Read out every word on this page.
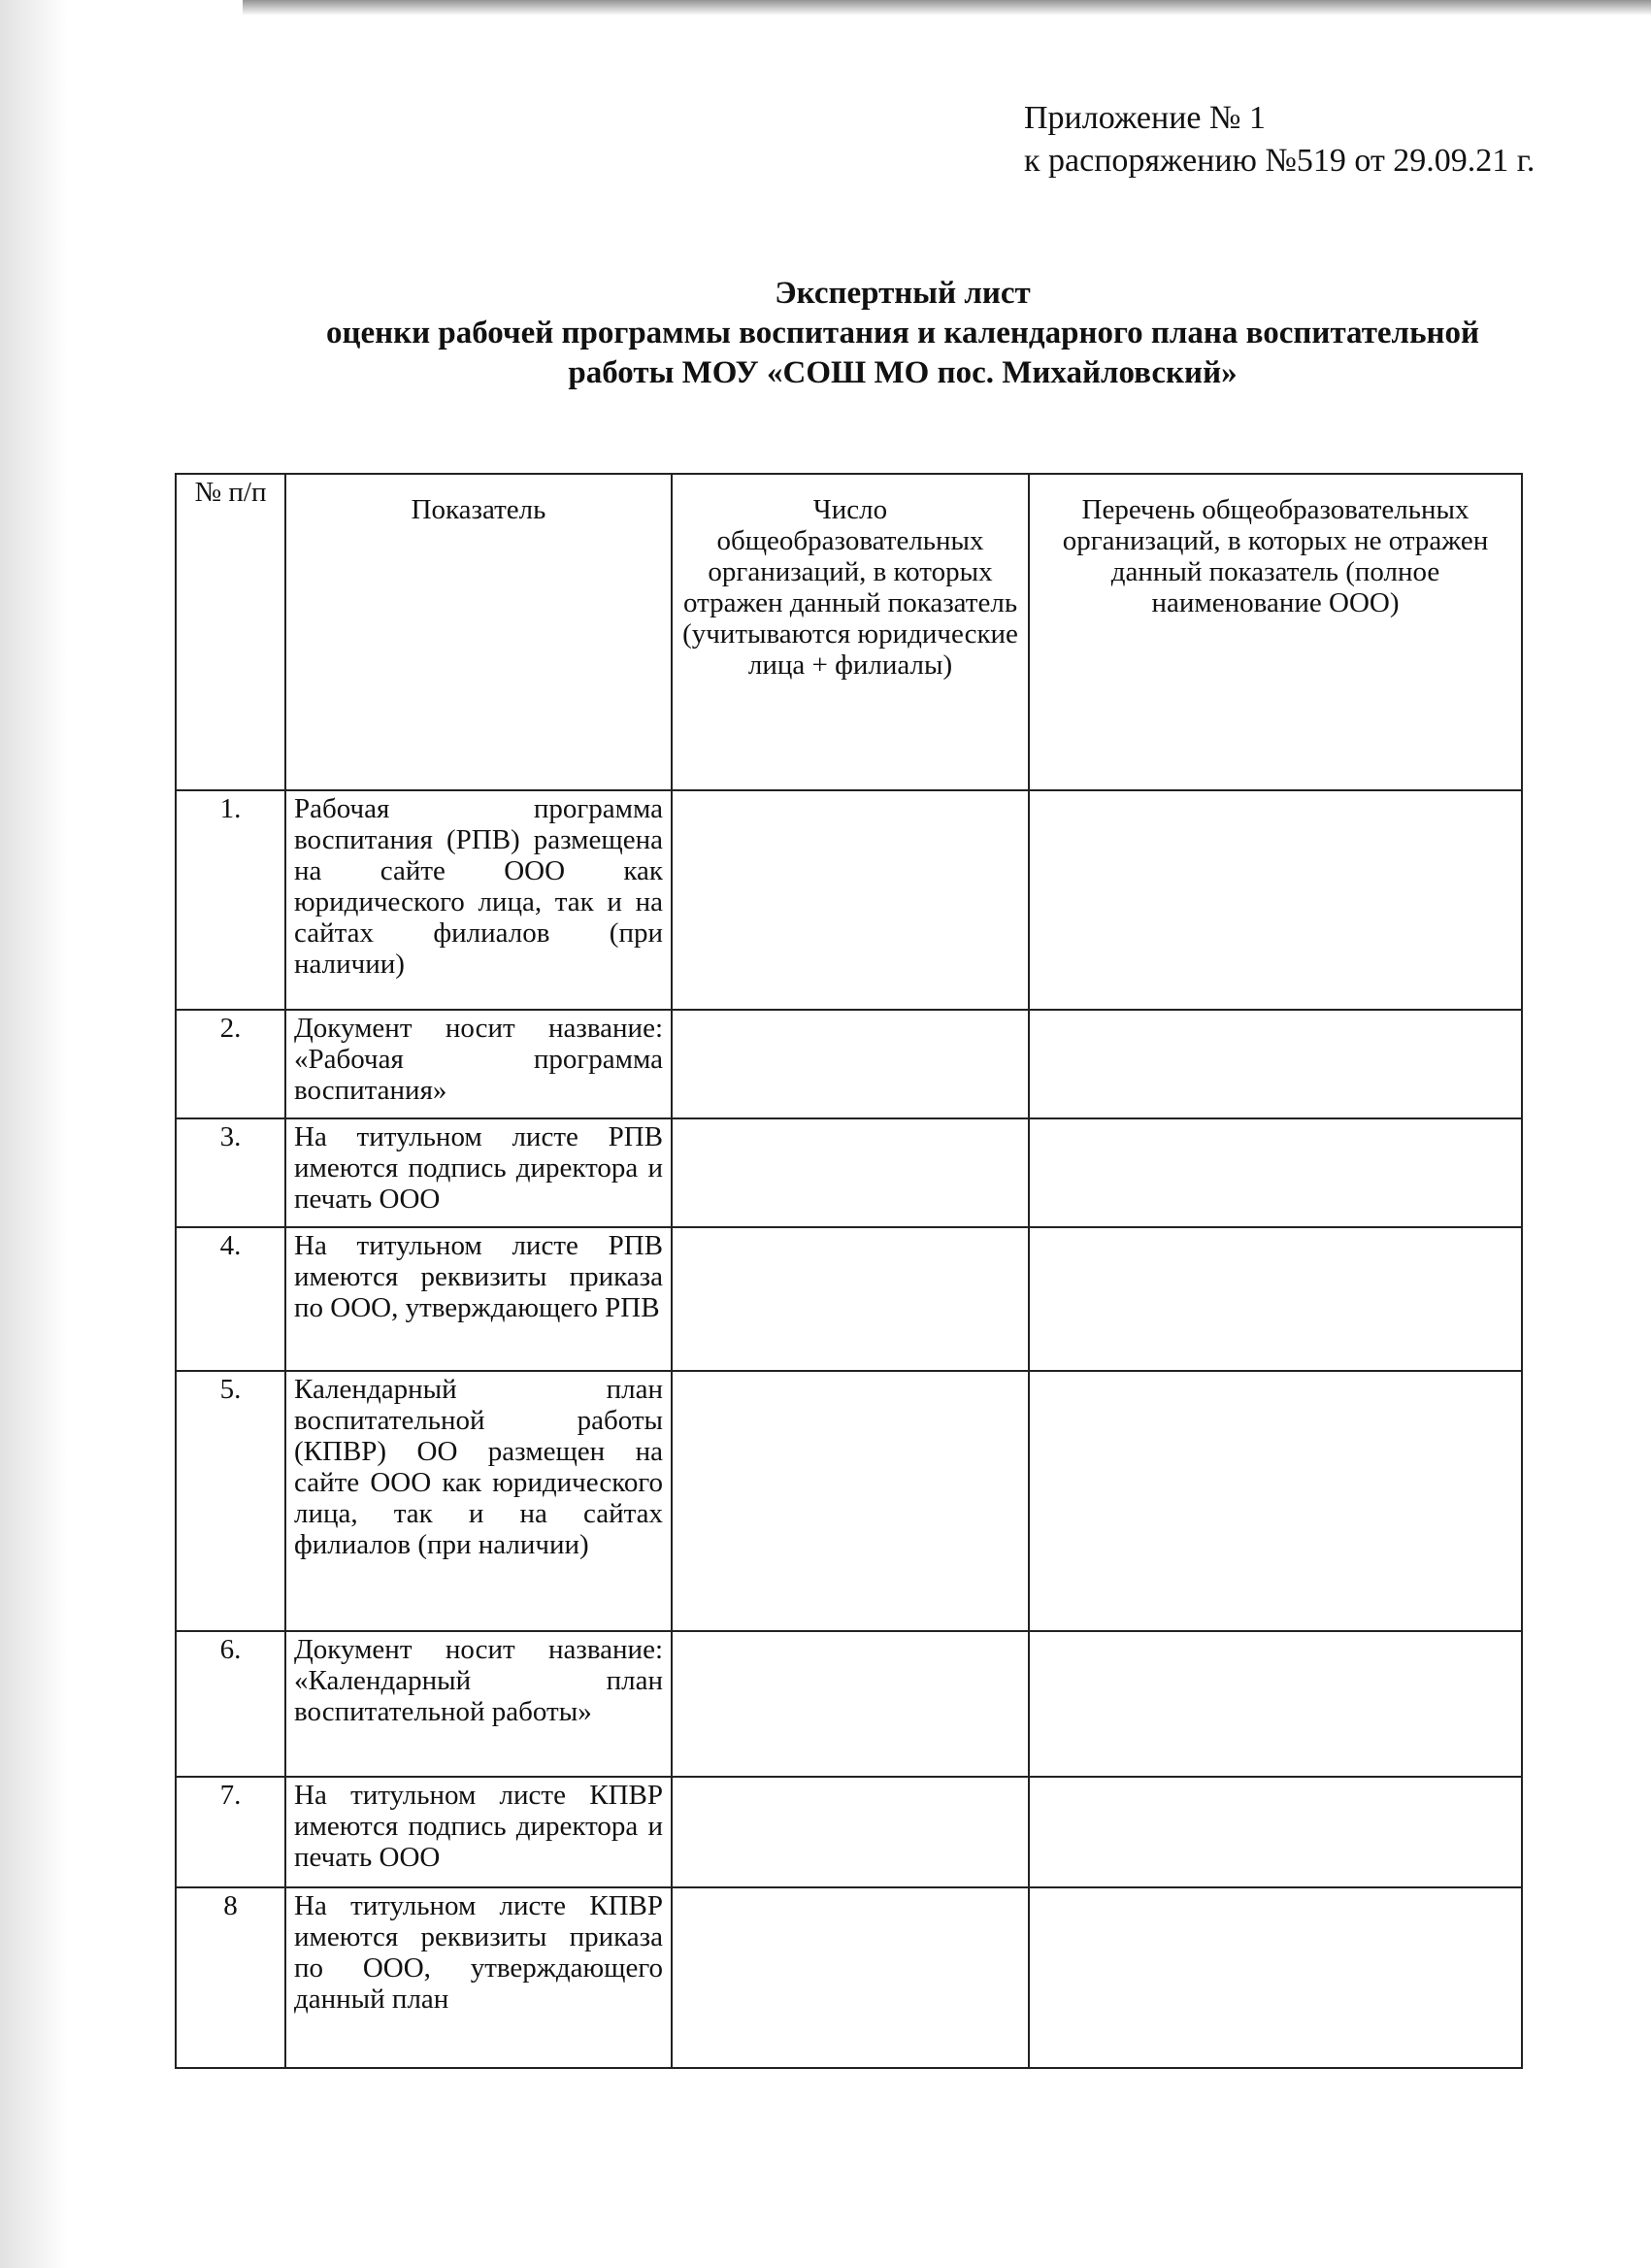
Приложение № 1
к распоряжению №519 от 29.09.21 г.
Экспертный лист
оценки рабочей программы воспитания и календарного плана воспитательной
работы МОУ «СОШ МО пос. Михайловский»
№ п/п	Показатель	Число общеобразовательных организаций, в которых отражен данный показатель (учитываются юридические лица + филиалы)	Перечень общеобразовательных организаций, в которых не отражен данный показатель (полное наименование ООО)

1.	Рабочая программа воспитания (РПВ) размещена на сайте ООО как юридического лица, так и на сайтах филиалов (при наличии)		
2.	Документ носит название: «Рабочая программа воспитания»		
3.	На титульном листе РПВ имеются подпись директора и печать ООО		
4.	На титульном листе РПВ имеются реквизиты приказа по ООО, утверждающего РПВ		
5.	Календарный план воспитательной работы (КПВР) ОО размещен на сайте ООО как юридического лица, так и на сайтах филиалов (при наличии)		
6.	Документ носит название: «Календарный план воспитательной работы»		
7.	На титульном листе КПВР имеются подпись директора и печать ООО		
8	На титульном листе КПВР имеются реквизиты приказа по ООО, утверждающего данный план		
